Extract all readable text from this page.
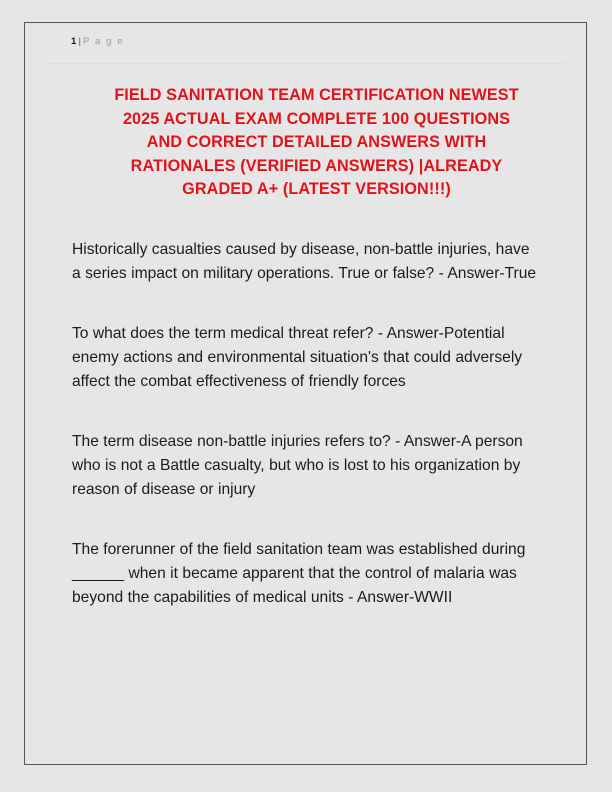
1 | P a g e
FIELD SANITATION TEAM CERTIFICATION NEWEST
2025 ACTUAL EXAM COMPLETE 100 QUESTIONS
AND CORRECT DETAILED ANSWERS WITH
RATIONALES (VERIFIED ANSWERS) |ALREADY
GRADED A+ (LATEST VERSION!!!)

Historically casualties caused by disease, non-battle injuries, have a series impact on military operations. True or false? - Answer-True

To what does the term medical threat refer? - Answer-Potential enemy actions and environmental situation's that could adversely affect the combat effectiveness of friendly forces

The term disease non-battle injuries refers to? - Answer-A person who is not a Battle casualty, but who is lost to his organization by reason of disease or injury

The forerunner of the field sanitation team was established during ______ when it became apparent that the control of malaria was beyond the capabilities of medical units - Answer-WWII
